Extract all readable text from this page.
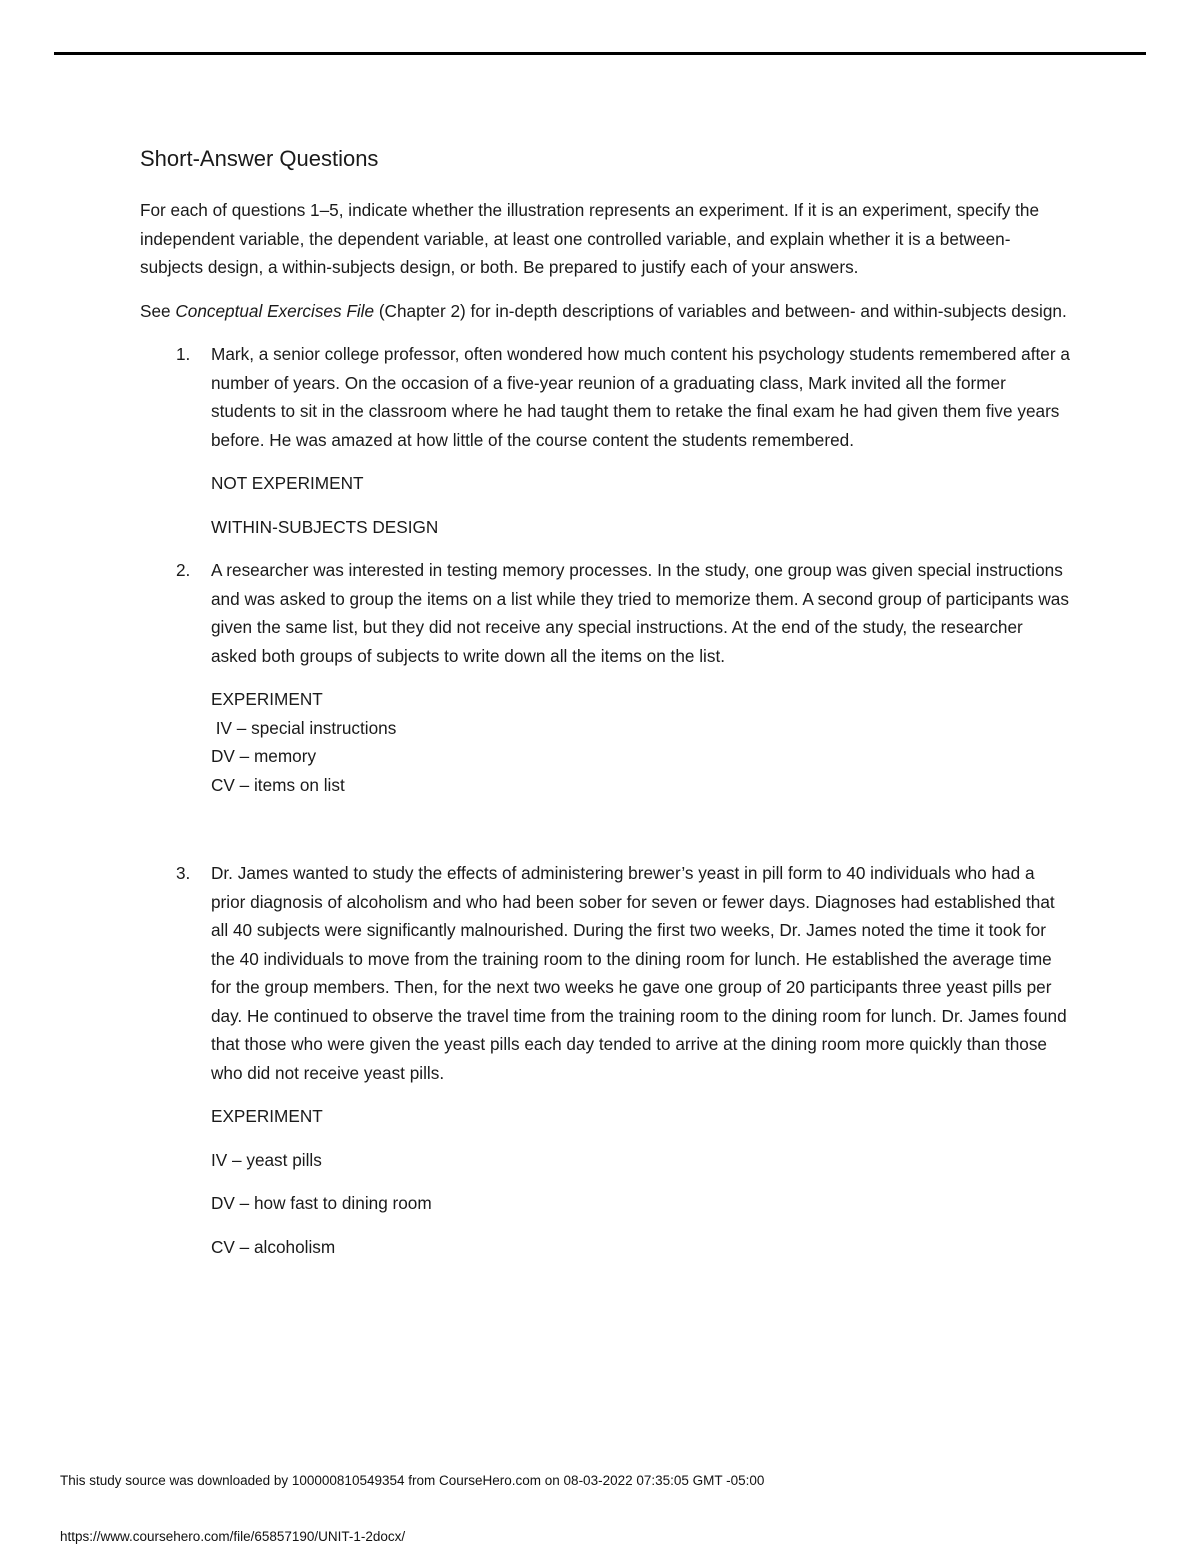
Short-Answer Questions

For each of questions 1–5, indicate whether the illustration represents an experiment. If it is an experiment, specify the independent variable, the dependent variable, at least one controlled variable, and explain whether it is a between-subjects design, a within-subjects design, or both. Be prepared to justify each of your answers.

See Conceptual Exercises File (Chapter 2) for in-depth descriptions of variables and between- and within-subjects design.

1. Mark, a senior college professor, often wondered how much content his psychology students remembered after a number of years. On the occasion of a five-year reunion of a graduating class, Mark invited all the former students to sit in the classroom where he had taught them to retake the final exam he had given them five years before. He was amazed at how little of the course content the students remembered.

NOT EXPERIMENT

WITHIN-SUBJECTS DESIGN

2. A researcher was interested in testing memory processes. In the study, one group was given special instructions and was asked to group the items on a list while they tried to memorize them. A second group of participants was given the same list, but they did not receive any special instructions. At the end of the study, the researcher asked both groups of subjects to write down all the items on the list.

EXPERIMENT

IV – special instructions

DV – memory

CV – items on list

3. Dr. James wanted to study the effects of administering brewer’s yeast in pill form to 40 individuals who had a prior diagnosis of alcoholism and who had been sober for seven or fewer days. Diagnoses had established that all 40 subjects were significantly malnourished. During the first two weeks, Dr. James noted the time it took for the 40 individuals to move from the training room to the dining room for lunch. He established the average time for the group members. Then, for the next two weeks he gave one group of 20 participants three yeast pills per day. He continued to observe the travel time from the training room to the dining room for lunch. Dr. James found that those who were given the yeast pills each day tended to arrive at the dining room more quickly than those who did not receive yeast pills.

EXPERIMENT

IV – yeast pills

DV – how fast to dining room

CV – alcoholism

This study source was downloaded by 100000810549354 from CourseHero.com on 08-03-2022 07:35:05 GMT -05:00
https://www.coursehero.com/file/65857190/UNIT-1-2docx/
